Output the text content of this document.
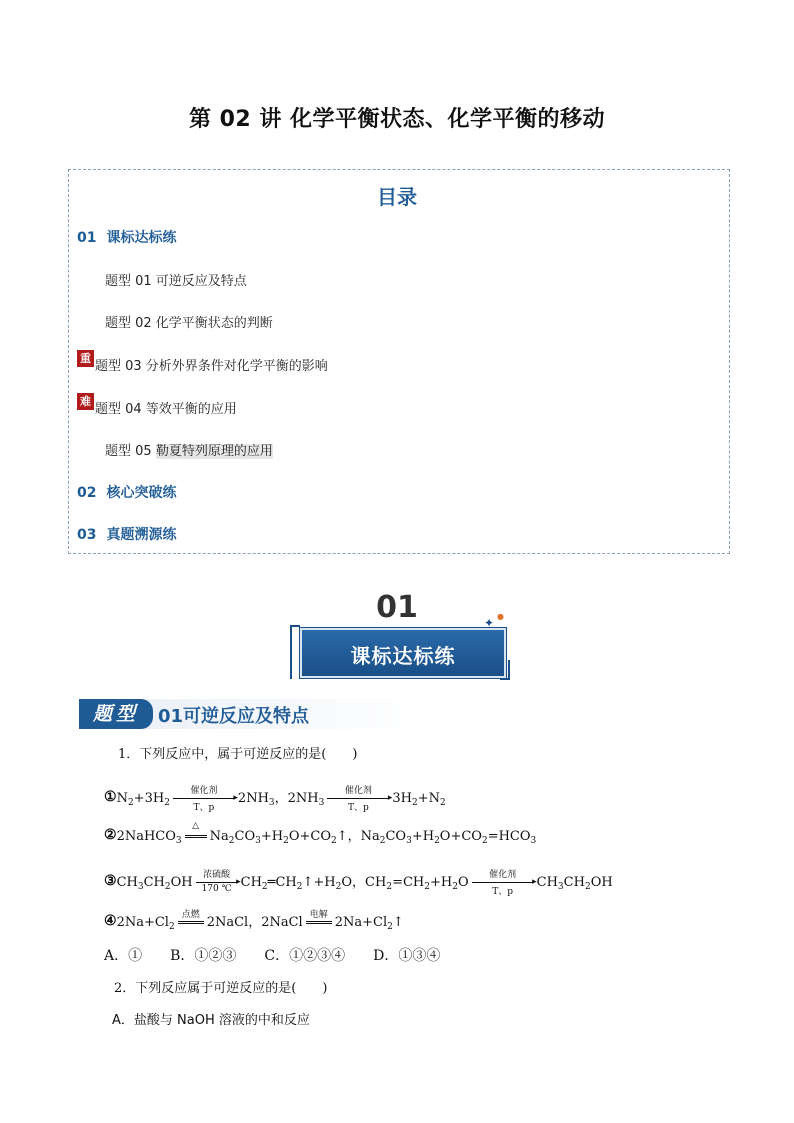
第 02 讲 化学平衡状态、化学平衡的移动
目录
01 课标达标练
题型 01 可逆反应及特点
题型 02 化学平衡状态的判断
重
题型 03 分析外界条件对化学平衡的影响
难
题型 04 等效平衡的应用
题型 05 勒夏特列原理的应用
02 核心突破练
03 真题溯源练
01
课标达标练
✦ ●
题型	01可逆反应及特点
1．下列反应中，属于可逆反应的是(　　)
$①N_2+3H_2$
催化剂
▸
T、p
$2NH_3$，$2NH_3$
催化剂
▸
T、p
$3H_2+N_2$
②2NaHCO$_3$
△
$Na_2CO_3+H_2O+CO_2↑$，$Na_2CO_3+H_2O+CO_2=HCO_3$
$③CH_3CH_2OH$
浓硫酸
▸
170 ℃ $CH_2═CH_2↑+H_2O$，$CH_2=CH_2+H_2O$
催化剂
▸
T、p
$CH_3CH_2OH$
$④2Na+Cl_2$
点燃
2NaCl，2NaCl
电解
$2Na+Cl_2↑$
A．①　　B．①②③　　C．①②③④　　D．①③④
2．下列反应属于可逆反应的是(　　)
A．盐酸与 NaOH 溶液的中和反应
